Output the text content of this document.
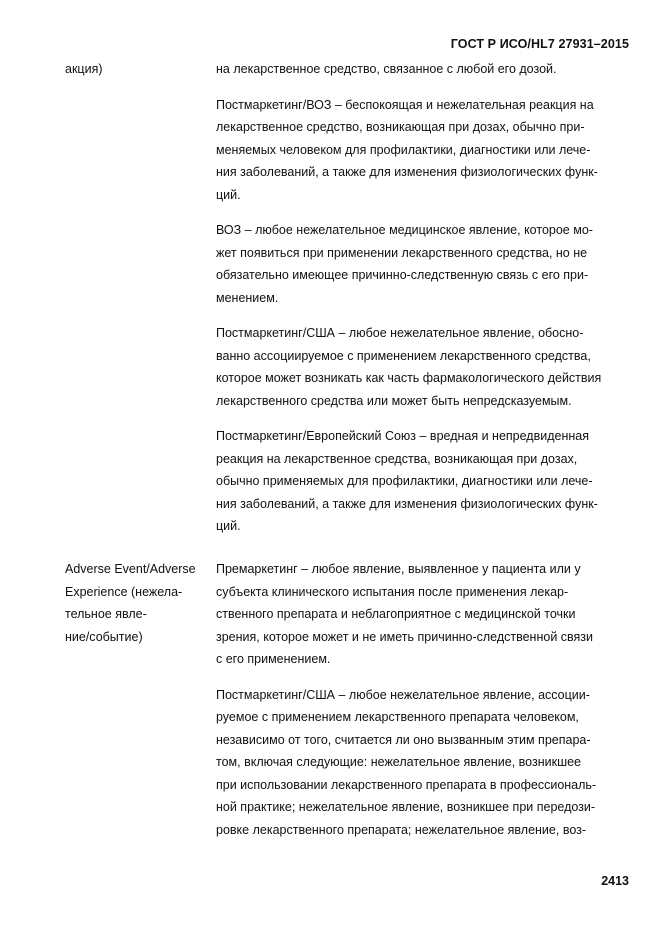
ГОСТ Р ИСО/HL7 27931–2015
акция)	на лекарственное средство, связанное с любой его дозой.
Постмаркетинг/ВОЗ – беспокоящая и нежелательная реакция на
лекарственное средство, возникающая при дозах, обычно при-
меняемых человеком для профилактики, диагностики или лече-
ния заболеваний, а также для изменения физиологических функ-
ций.
ВОЗ – любое нежелательное медицинское явление, которое мо-
жет появиться при применении лекарственного средства, но не
обязательно имеющее причинно-следственную связь с его при-
менением.
Постмаркетинг/США – любое нежелательное явление, обосно-
ванно ассоциируемое с применением лекарственного средства,
которое может возникать как часть фармакологического действия
лекарственного средства или может быть непредсказуемым.
Постмаркетинг/Европейский Союз – вредная и непредвиденная
реакция на лекарственное средства, возникающая при дозах,
обычно применяемых для профилактики, диагностики или лече-
ния заболеваний, а также для изменения физиологических функ-
ций.
Adverse Event/Adverse
Experience (нежела-
тельное явле-
ние/событие)
Премаркетинг – любое явление, выявленное у пациента или у
субъекта клинического испытания после применения лекар-
ственного препарата и неблагоприятное с медицинской точки
зрения, которое может и не иметь причинно-следственной связи
с его применением.
Постмаркетинг/США – любое нежелательное явление, ассоции-
руемое с применением лекарственного препарата человеком,
независимо от того, считается ли оно вызванным этим препара-
том, включая следующие: нежелательное явление, возникшее
при использовании лекарственного препарата в профессиональ-
ной практике; нежелательное явление, возникшее при передози-
ровке лекарственного препарата; нежелательное явление, воз-
2413
